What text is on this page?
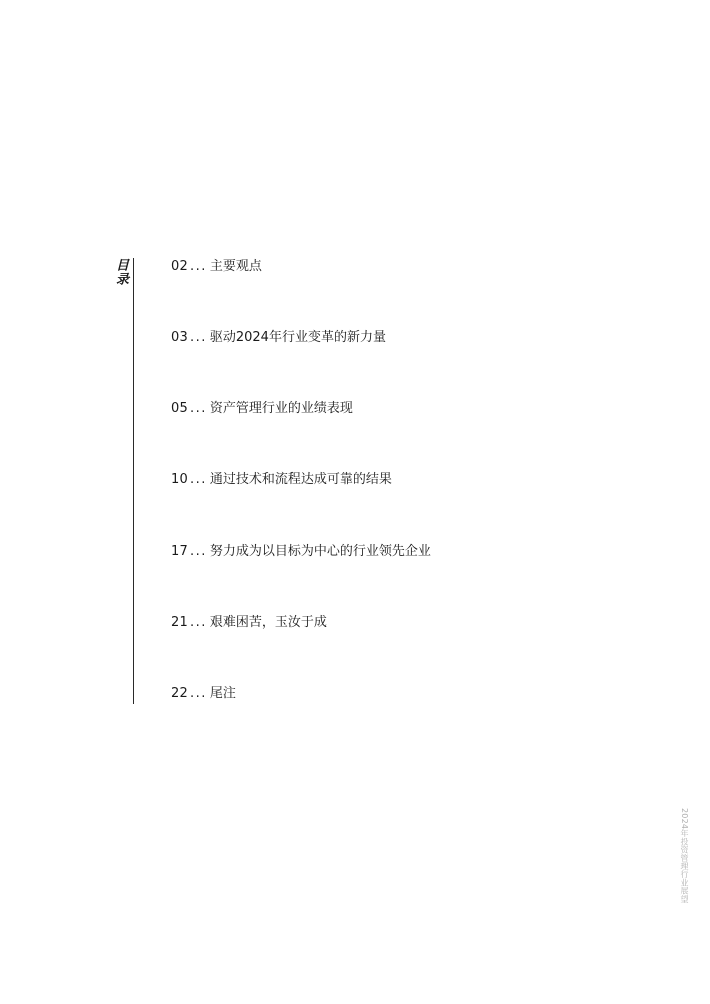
目录	02 ... 主要观点
03 ... 驱动2024年行业变革的新力量
05 ... 资产管理行业的业绩表现
10 ... 通过技术和流程达成可靠的结果
17 ... 努力成为以目标为中心的行业领先企业
21 ... 艰难困苦，玉汝于成
22 ... 尾注
2024年投资管理行业展望
